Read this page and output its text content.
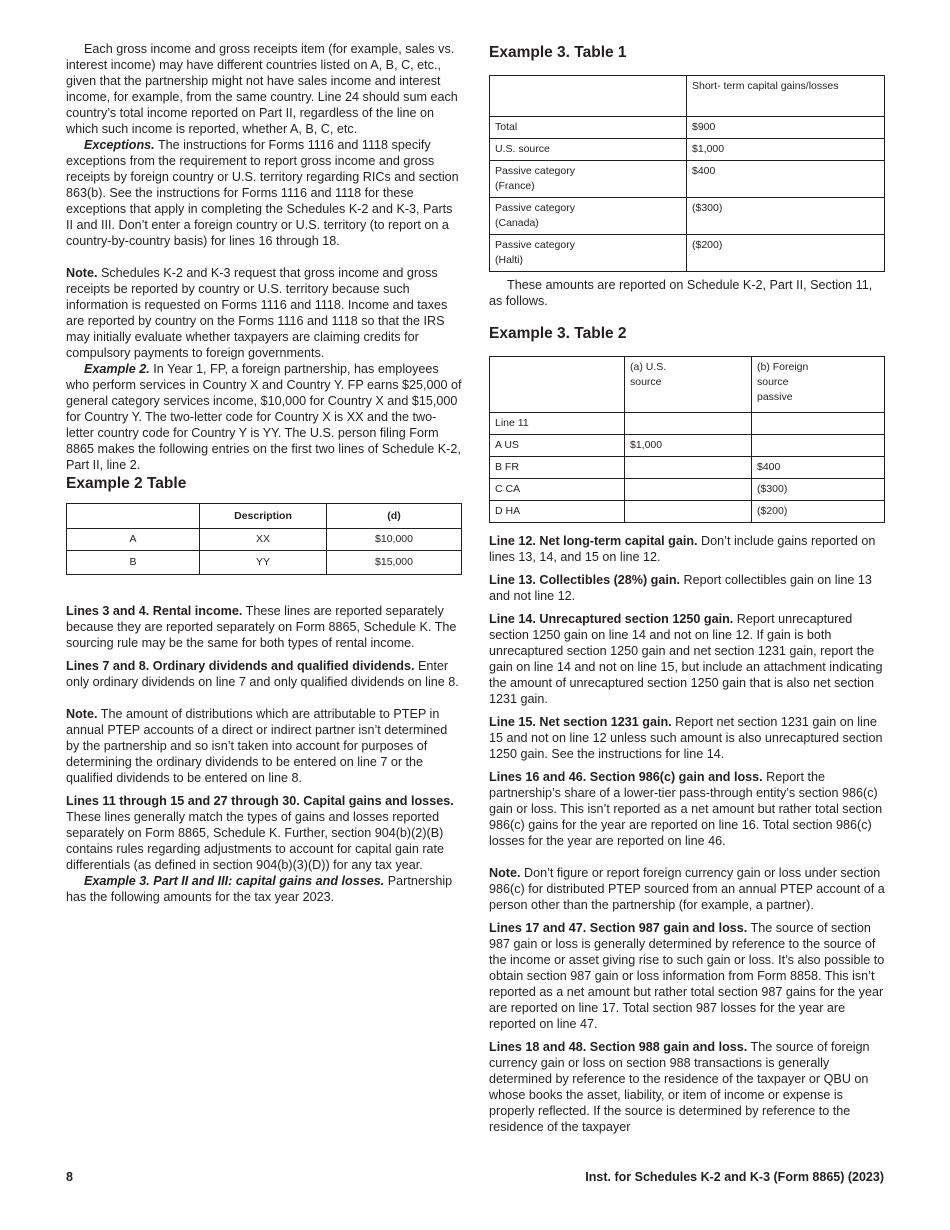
Each gross income and gross receipts item (for example, sales vs. interest income) may have different countries listed on A, B, C, etc., given that the partnership might not have sales income and interest income, for example, from the same country. Line 24 should sum each country’s total income reported on Part II, regardless of the line on which such income is reported, whether A, B, C, etc.

Exceptions. The instructions for Forms 1116 and 1118 specify exceptions from the requirement to report gross income and gross receipts by foreign country or U.S. territory regarding RICs and section 863(b). See the instructions for Forms 1116 and 1118 for these exceptions that apply in completing the Schedules K-2 and K-3, Parts II and III. Don’t enter a foreign country or U.S. territory (to report on a country-by-country basis) for lines 16 through 18.

Note. Schedules K-2 and K-3 request that gross income and gross receipts be reported by country or U.S. territory because such information is requested on Forms 1116 and 1118. Income and taxes are reported by country on the Forms 1116 and 1118 so that the IRS may initially evaluate whether taxpayers are claiming credits for compulsory payments to foreign governments.

Example 2. In Year 1, FP, a foreign partnership, has employees who perform services in Country X and Country Y. FP earns $25,000 of general category services income, $10,000 for Country X and $15,000 for Country Y. The two-letter code for Country X is XX and the two-letter country code for Country Y is YY. The U.S. person filing Form 8865 makes the following entries on the first two lines of Schedule K-2, Part II, line 2.

Example 2 Table
	Description	(d)
A	XX	$10,000
B	YY	$15,000

Lines 3 and 4. Rental income. These lines are reported separately because they are reported separately on Form 8865, Schedule K. The sourcing rule may be the same for both types of rental income.

Lines 7 and 8. Ordinary dividends and qualified dividends. Enter only ordinary dividends on line 7 and only qualified dividends on line 8.

Note. The amount of distributions which are attributable to PTEP in annual PTEP accounts of a direct or indirect partner isn’t determined by the partnership and so isn’t taken into account for purposes of determining the ordinary dividends to be entered on line 7 or the qualified dividends to be entered on line 8.

Lines 11 through 15 and 27 through 30. Capital gains and losses. These lines generally match the types of gains and losses reported separately on Form 8865, Schedule K. Further, section 904(b)(2)(B) contains rules regarding adjustments to account for capital gain rate differentials (as defined in section 904(b)(3)(D)) for any tax year.

Example 3. Part II and III: capital gains and losses. Partnership has the following amounts for the tax year 2023.

Example 3. Table 1
	Short- term capital gains/losses
Total	$900
U.S. source	$1,000
Passive category (France)	$400
Passive category (Canada)	($300)
Passive category (Halti)	($200)

These amounts are reported on Schedule K-2, Part II, Section 11, as follows.

Example 3. Table 2
	(a) U.S. source	(b) Foreign source passive
Line 11		
A US	$1,000	
B FR		$400
C CA		($300)
D HA		($200)

Line 12. Net long-term capital gain. Don’t include gains reported on lines 13, 14, and 15 on line 12.

Line 13. Collectibles (28%) gain. Report collectibles gain on line 13 and not line 12.

Line 14. Unrecaptured section 1250 gain. Report unrecaptured section 1250 gain on line 14 and not on line 12. If gain is both unrecaptured section 1250 gain and net section 1231 gain, report the gain on line 14 and not on line 15, but include an attachment indicating the amount of unrecaptured section 1250 gain that is also net section 1231 gain.

Line 15. Net section 1231 gain. Report net section 1231 gain on line 15 and not on line 12 unless such amount is also unrecaptured section 1250 gain. See the instructions for line 14.

Lines 16 and 46. Section 986(c) gain and loss. Report the partnership’s share of a lower-tier pass-through entity’s section 986(c) gain or loss. This isn’t reported as a net amount but rather total section 986(c) gains for the year are reported on line 16. Total section 986(c) losses for the year are reported on line 46.

Note. Don’t figure or report foreign currency gain or loss under section 986(c) for distributed PTEP sourced from an annual PTEP account of a person other than the partnership (for example, a partner).

Lines 17 and 47. Section 987 gain and loss. The source of section 987 gain or loss is generally determined by reference to the source of the income or asset giving rise to such gain or loss. It’s also possible to obtain section 987 gain or loss information from Form 8858. This isn’t reported as a net amount but rather total section 987 gains for the year are reported on line 17. Total section 987 losses for the year are reported on line 47.

Lines 18 and 48. Section 988 gain and loss. The source of foreign currency gain or loss on section 988 transactions is generally determined by reference to the residence of the taxpayer or QBU on whose books the asset, liability, or item of income or expense is properly reflected. If the source is determined by reference to the residence of the taxpayer

8	Inst. for Schedules K-2 and K-3 (Form 8865) (2023)
